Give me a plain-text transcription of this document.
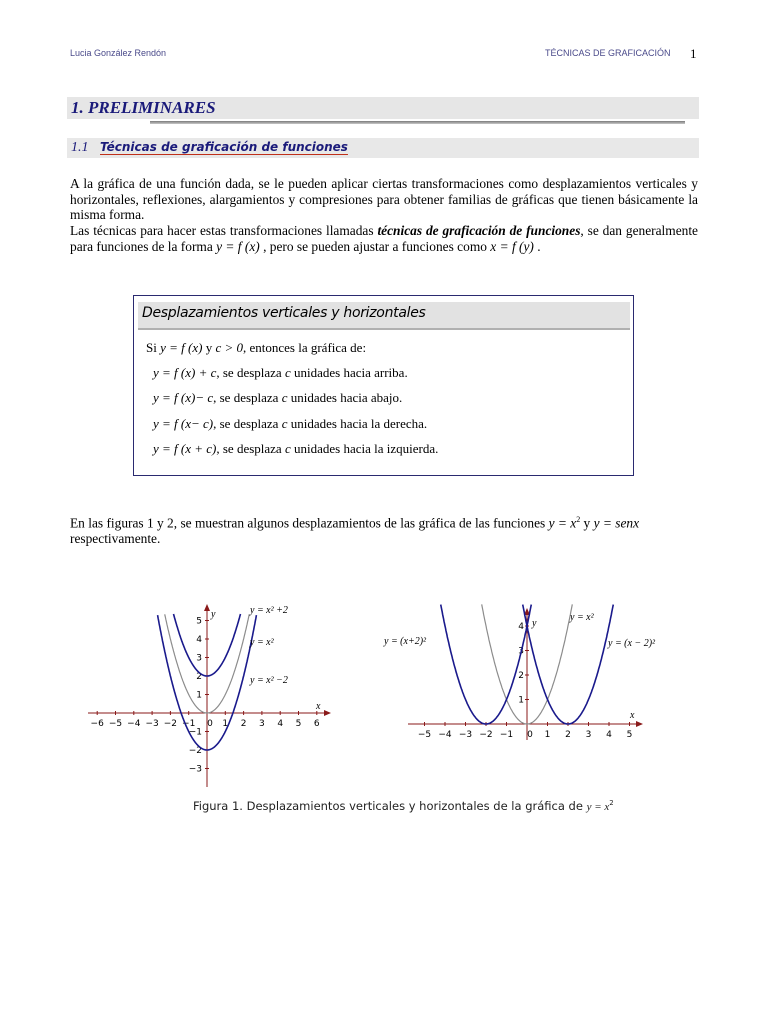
Lucia González Rendón	TÉCNICAS DE GRAFICACIÓN 1
1. PRELIMINARES
1.1 Técnicas de graficación de funciones
A la gráfica de una función dada, se le pueden aplicar ciertas transformaciones como desplazamientos verticales y horizontales, reflexiones, alargamientos y compresiones para obtener familias de gráficas que tienen básicamente la misma forma.
Las técnicas para hacer estas transformaciones llamadas técnicas de graficación de funciones, se dan generalmente para funciones de la forma y = f (x) , pero se pueden ajustar a funciones como x = f (y) .
Desplazamientos verticales y horizontales
Si y = f (x) y c > 0, entonces la gráfica de:
y = f (x) + c, se desplaza c unidades hacia arriba.
y = f (x)− c, se desplaza c unidades hacia abajo.
y = f (x− c), se desplaza c unidades hacia la derecha.
y = f (x + c), se desplaza c unidades hacia la izquierda.
En las figuras 1 y 2, se muestran algunos desplazamientos de las gráfica de las funciones $y = x^2$ y y = senx
respectivamente.
−6 −5 −4 −3 −2 −1 0 1 2 3 4 5 6
5
4
3
2
1
−1
−2
−3
y = x² +2
y = x²
y = x² −2
x
y
−5 −4 −3 −2 −1 0 1 2 3 4 5
4
3
2
1
y = (x+2)²
y = x²
y = (x − 2)²
x
y
Figura 1. Desplazamientos verticales y horizontales de la gráfica de $y = x^2$
